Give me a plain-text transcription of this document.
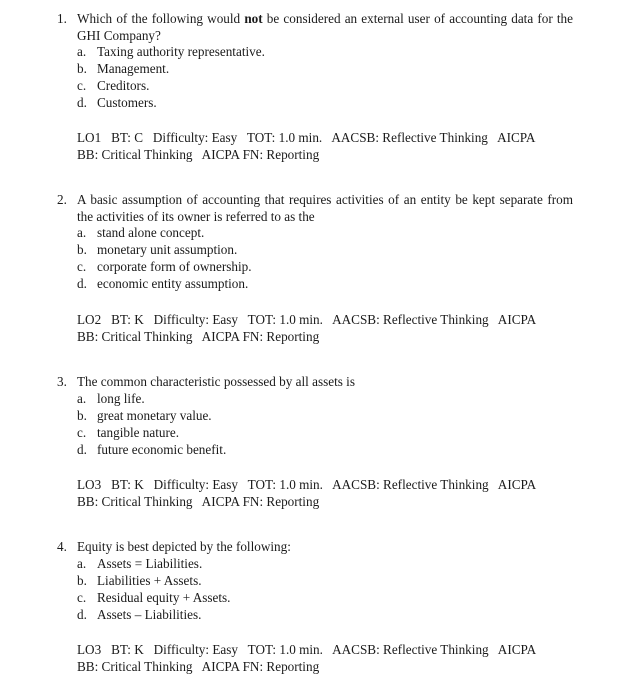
1. Which of the following would not be considered an external user of accounting data for the GHI Company?
a. Taxing authority representative.
b. Management.
c. Creditors.
d. Customers.
LO1   BT: C   Difficulty: Easy   TOT: 1.0 min.   AACSB: Reflective Thinking   AICPA
BB: Critical Thinking   AICPA FN: Reporting
2. A basic assumption of accounting that requires activities of an entity be kept separate from the activities of its owner is referred to as the
a. stand alone concept.
b. monetary unit assumption.
c. corporate form of ownership.
d. economic entity assumption.
LO2   BT: K   Difficulty: Easy   TOT: 1.0 min.   AACSB: Reflective Thinking   AICPA
BB: Critical Thinking   AICPA FN: Reporting
3. The common characteristic possessed by all assets is
a. long life.
b. great monetary value.
c. tangible nature.
d. future economic benefit.
LO3   BT: K   Difficulty: Easy   TOT: 1.0 min.   AACSB: Reflective Thinking   AICPA
BB: Critical Thinking   AICPA FN: Reporting
4. Equity is best depicted by the following:
a. Assets = Liabilities.
b. Liabilities + Assets.
c. Residual equity + Assets.
d. Assets – Liabilities.
LO3   BT: K   Difficulty: Easy   TOT: 1.0 min.   AACSB: Reflective Thinking   AICPA
BB: Critical Thinking   AICPA FN: Reporting
